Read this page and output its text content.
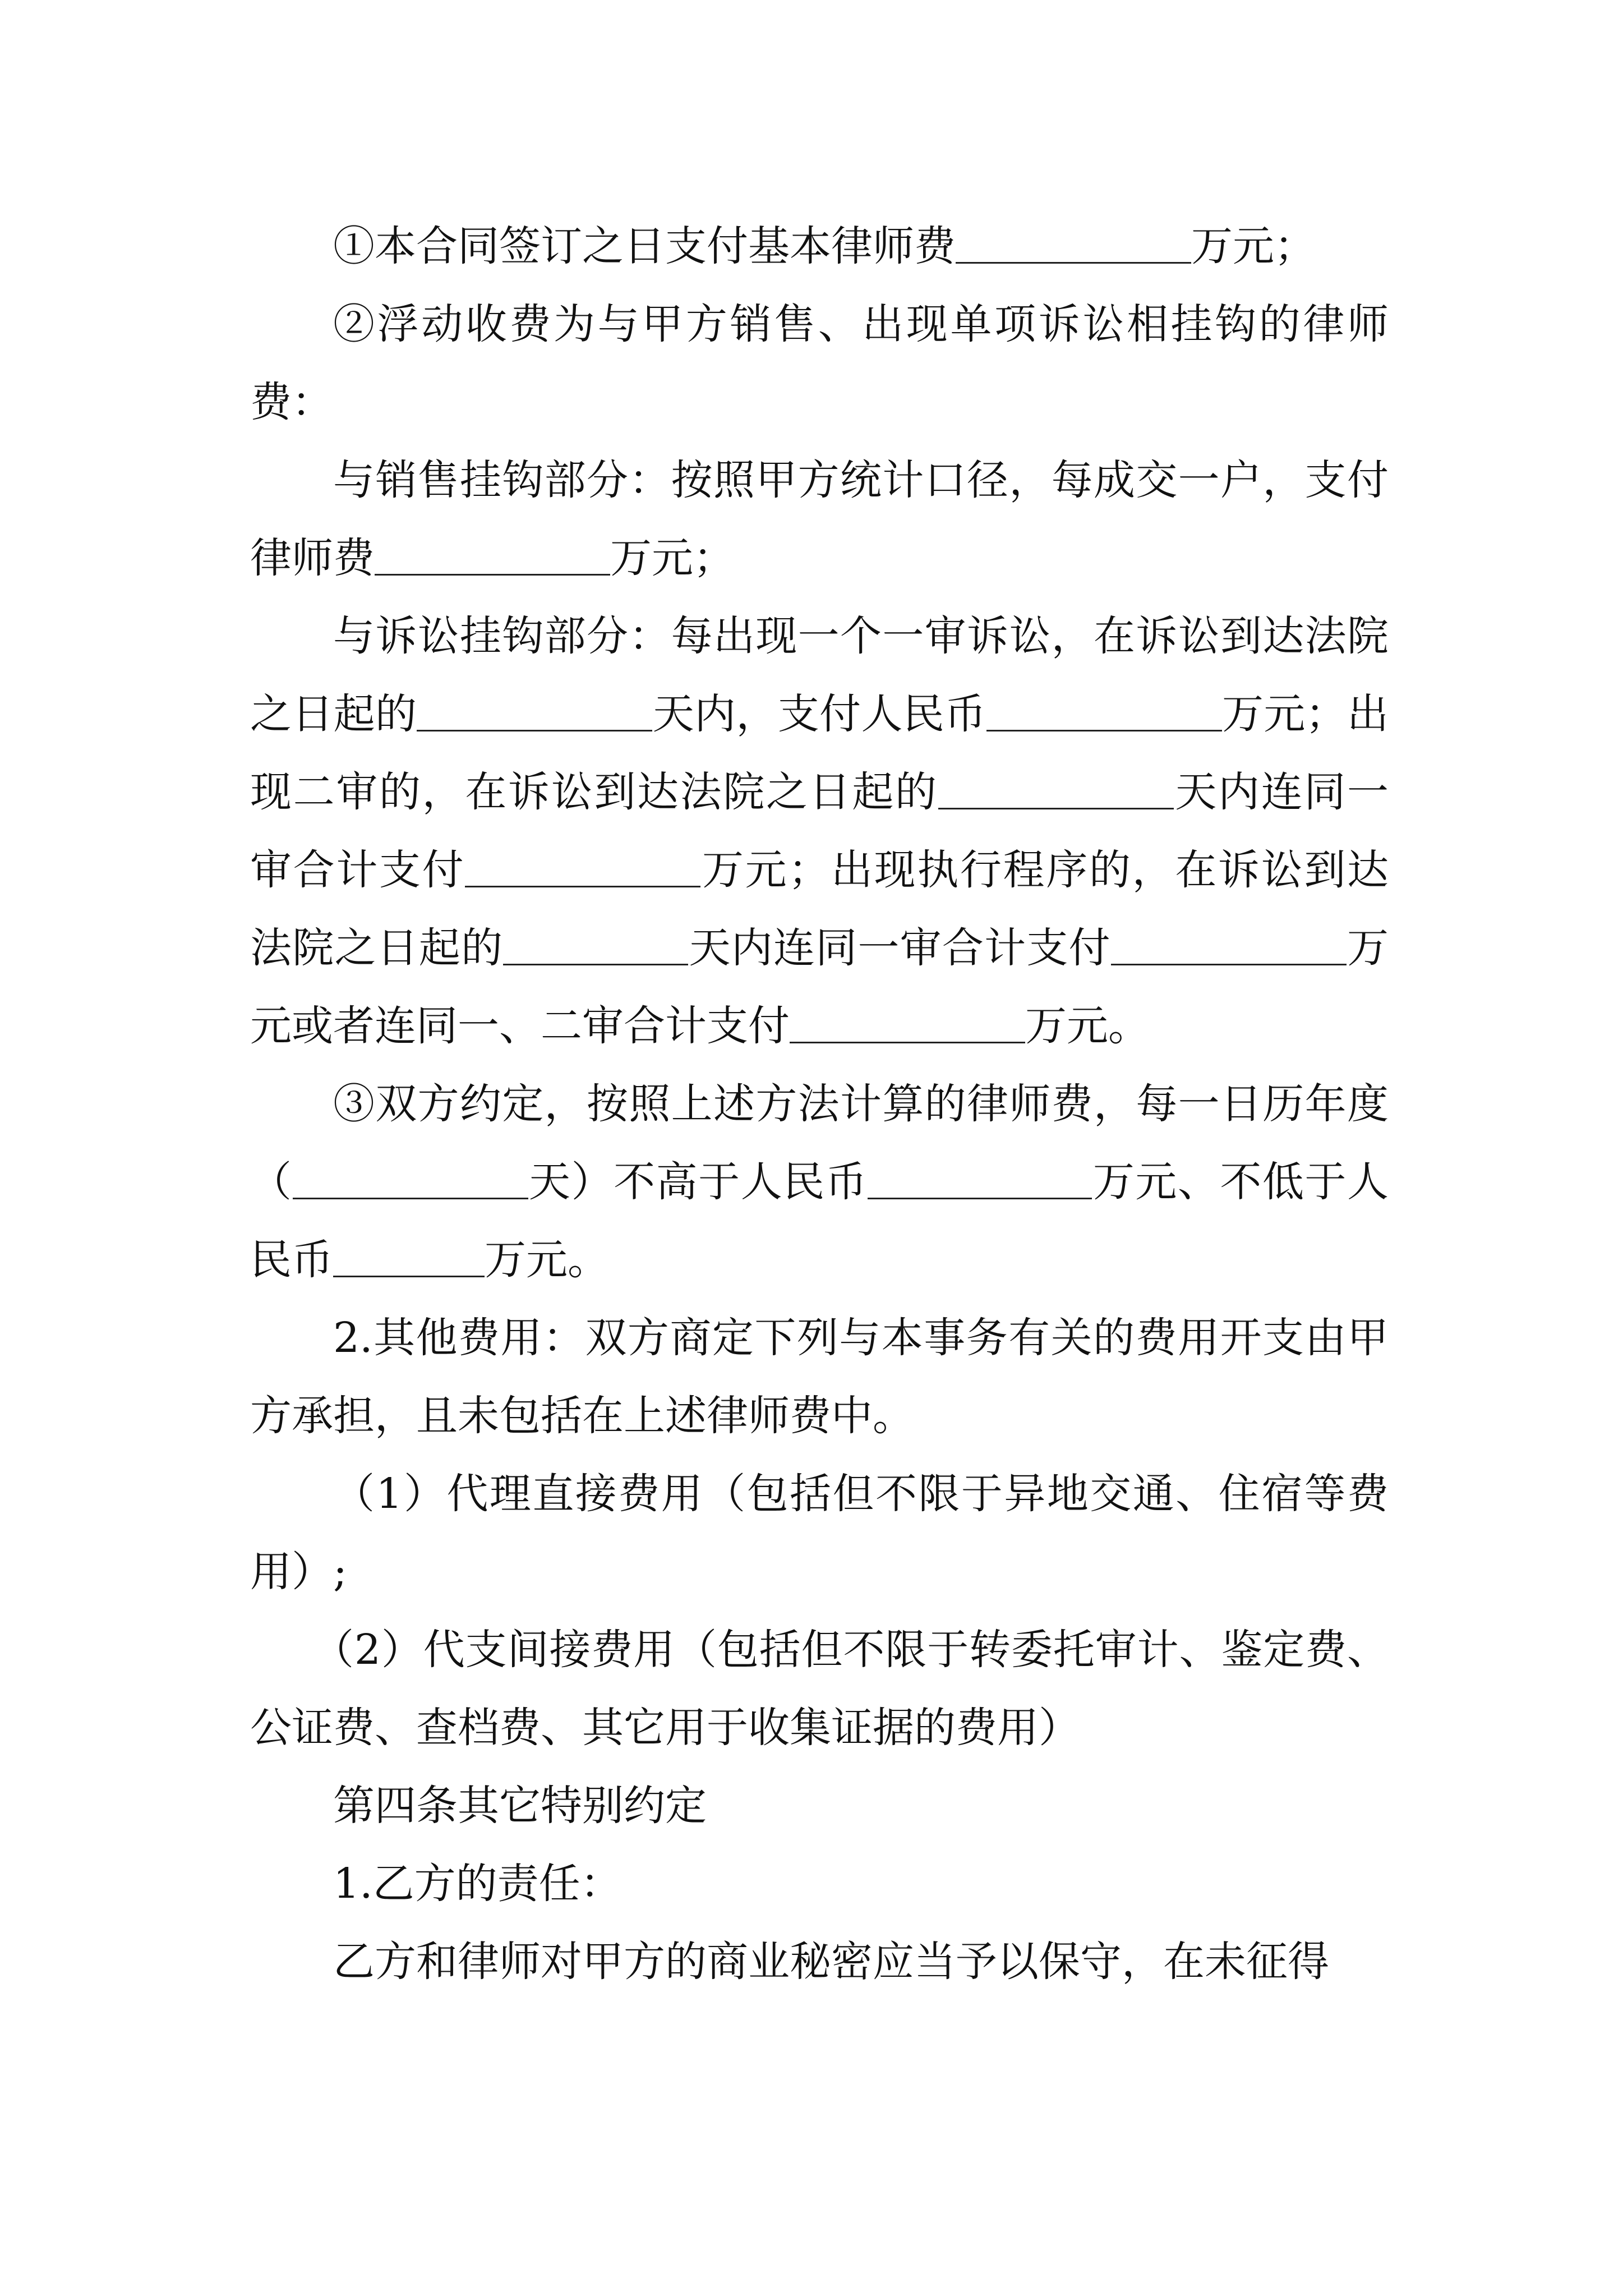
①本合同签订之日支付基本律师费	万元；

②浮动收费为与甲方销售、出现单项诉讼相挂钩的律师费：

与销售挂钩部分：按照甲方统计口径，每成交一户，支付律师费	万元；

与诉讼挂钩部分：每出现一个一审诉讼，在诉讼到达法院之日起的	天内，支付人民币	万元；出现二审的，在诉讼到达法院之日起的	天内连同一审合计支付	万元；出现执行程序的，在诉讼到达法院之日起的	天内连同一审合计支付	万元或者连同一、二审合计支付	万元。

③双方约定，按照上述方法计算的律师费，每一日历年度（	天）不高于人民币	万元、不低于人民币	万元。

2.其他费用：双方商定下列与本事务有关的费用开支由甲方承担，且未包括在上述律师费中。

（1）代理直接费用（包括但不限于异地交通、住宿等费用）;

（2）代支间接费用（包括但不限于转委托审计、鉴定费、公证费、查档费、其它用于收集证据的费用）

第四条其它特别约定

1.乙方的责任：

乙方和律师对甲方的商业秘密应当予以保守，在未征得
